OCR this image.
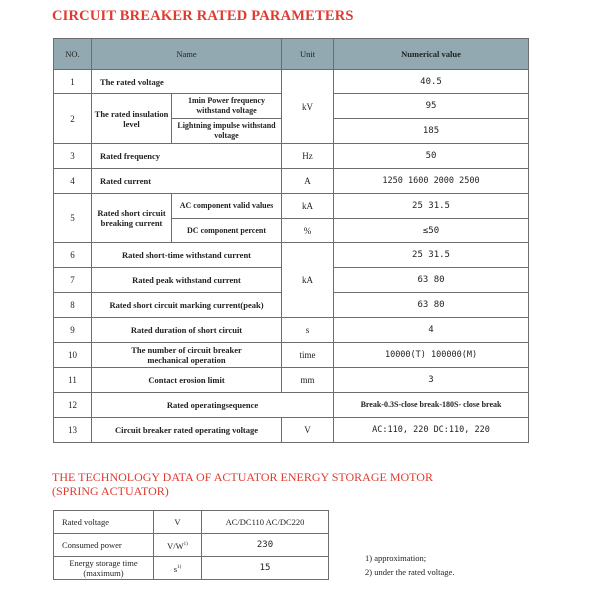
CIRCUIT BREAKER RATED PARAMETERS
NO.	Name		Unit	Numerical value
1	The rated voltage		kV	40.5
2	The rated insulation level	1min Power frequency withstand voltage		95
		Lightning impulse withstand voltage		185
3	Rated frequency		Hz	50
4	Rated current		A	1250 1600 2000 2500
5	Rated short circuit breaking current	AC component valid values	kA	25 31.5
		DC component percent	%	≤50
6	Rated short-time withstand current		kA	25 31.5
7	Rated peak withstand current			63 80
8	Rated short circuit marking current(peak)			63 80
9	Rated duration of short circuit		s	4
10	The number of circuit breaker mechanical operation		time	10000(T) 100000(M)
11	Contact erosion limit		mm	3
12	Rated operatingsequence			Break-0.3S-close break-180S- close break
13	Circuit breaker rated operating voltage		V	AC:110, 220 DC:110, 220
THE TECHNOLOGY DATA OF ACTUATOR ENERGY STORAGE MOTOR (SPRING ACTUATOR)
Rated voltage	V	AC/DC110 AC/DC220
Consumed power	$V/W^{1)}$	230
Energy storage time (maximum)	$s^{1)}$	15
1) approximation;
2) under the rated voltage.
